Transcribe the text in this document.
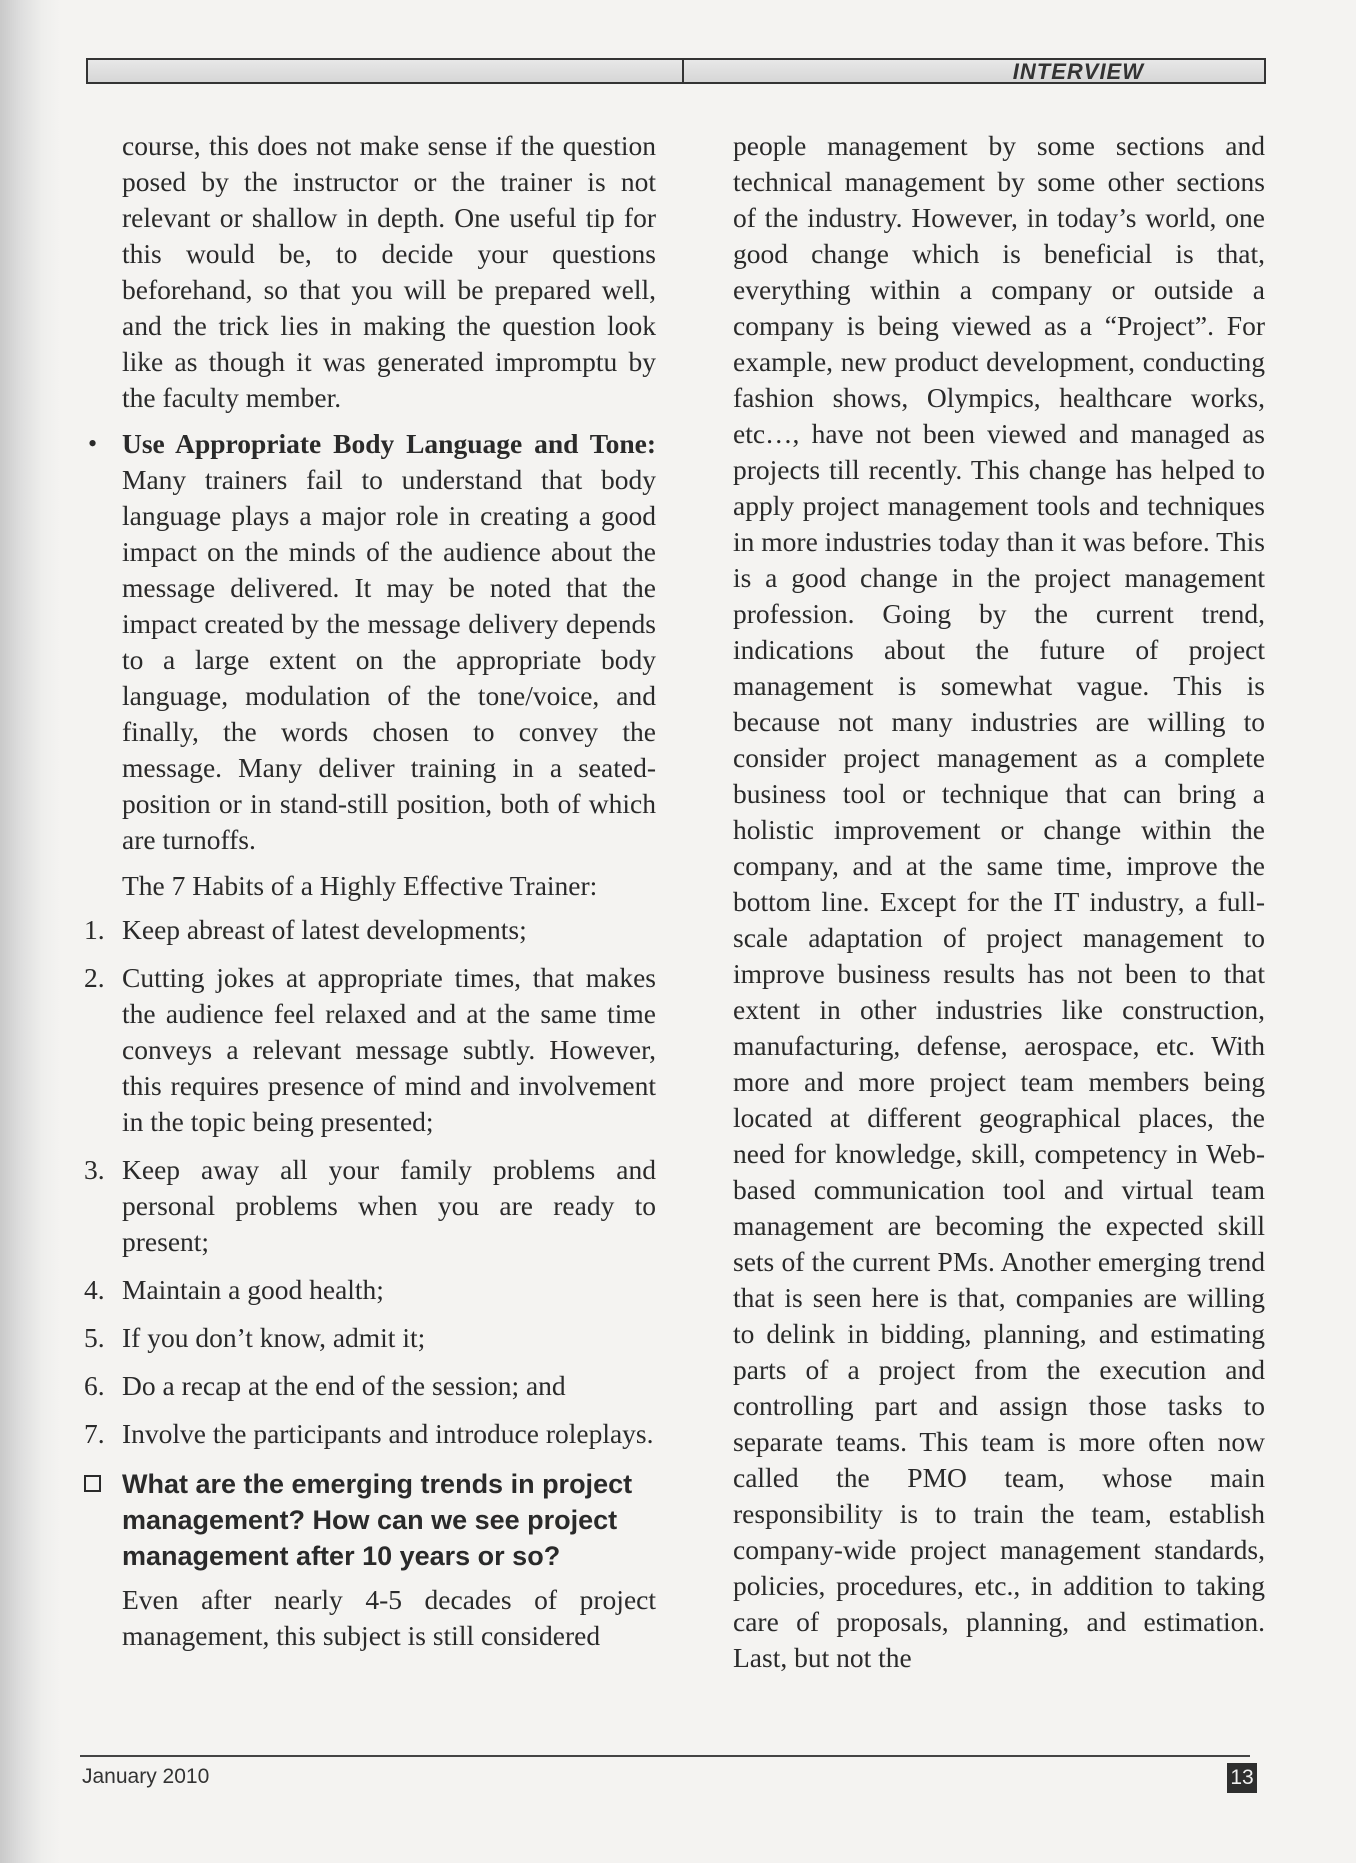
INTERVIEW

course, this does not make sense if the question posed by the instructor or the trainer is not relevant or shallow in depth. One useful tip for this would be, to decide your questions beforehand, so that you will be prepared well, and the trick lies in making the question look like as though it was generated impromptu by the faculty member.

• Use Appropriate Body Language and Tone: Many trainers fail to understand that body language plays a major role in creating a good impact on the minds of the audience about the message delivered. It may be noted that the impact created by the message delivery depends to a large extent on the appropriate body language, modulation of the tone/voice, and finally, the words chosen to convey the message. Many deliver training in a seated-position or in stand-still position, both of which are turnoffs.

The 7 Habits of a Highly Effective Trainer:

1. Keep abreast of latest developments;
2. Cutting jokes at appropriate times, that makes the audience feel relaxed and at the same time conveys a relevant message subtly. However, this requires presence of mind and involvement in the topic being presented;
3. Keep away all your family problems and personal problems when you are ready to present;
4. Maintain a good health;
5. If you don’t know, admit it;
6. Do a recap at the end of the session; and
7. Involve the participants and introduce roleplays.
What are the emerging trends in project management? How can we see project management after 10 years or so?

Even after nearly 4-5 decades of project management, this subject is still considered

people management by some sections and technical management by some other sections of the industry. However, in today’s world, one good change which is beneficial is that, everything within a company or outside a company is being viewed as a “Project”. For example, new product development, conducting fashion shows, Olympics, healthcare works, etc…, have not been viewed and managed as projects till recently. This change has helped to apply project management tools and techniques in more industries today than it was before. This is a good change in the project management profession. Going by the current trend, indications about the future of project management is somewhat vague. This is because not many industries are willing to consider project management as a complete business tool or technique that can bring a holistic improvement or change within the company, and at the same time, improve the bottom line. Except for the IT industry, a full-scale adaptation of project management to improve business results has not been to that extent in other industries like construction, manufacturing, defense, aerospace, etc. With more and more project team members being located at different geographical places, the need for knowledge, skill, competency in Web-based communication tool and virtual team management are becoming the expected skill sets of the current PMs. Another emerging trend that is seen here is that, companies are willing to delink in bidding, planning, and estimating parts of a project from the execution and controlling part and assign those tasks to separate teams. This team is more often now called the PMO team, whose main responsibility is to train the team, establish company-wide project management standards, policies, procedures, etc., in addition to taking care of proposals, planning, and estimation. Last, but not the

January 2010	13
